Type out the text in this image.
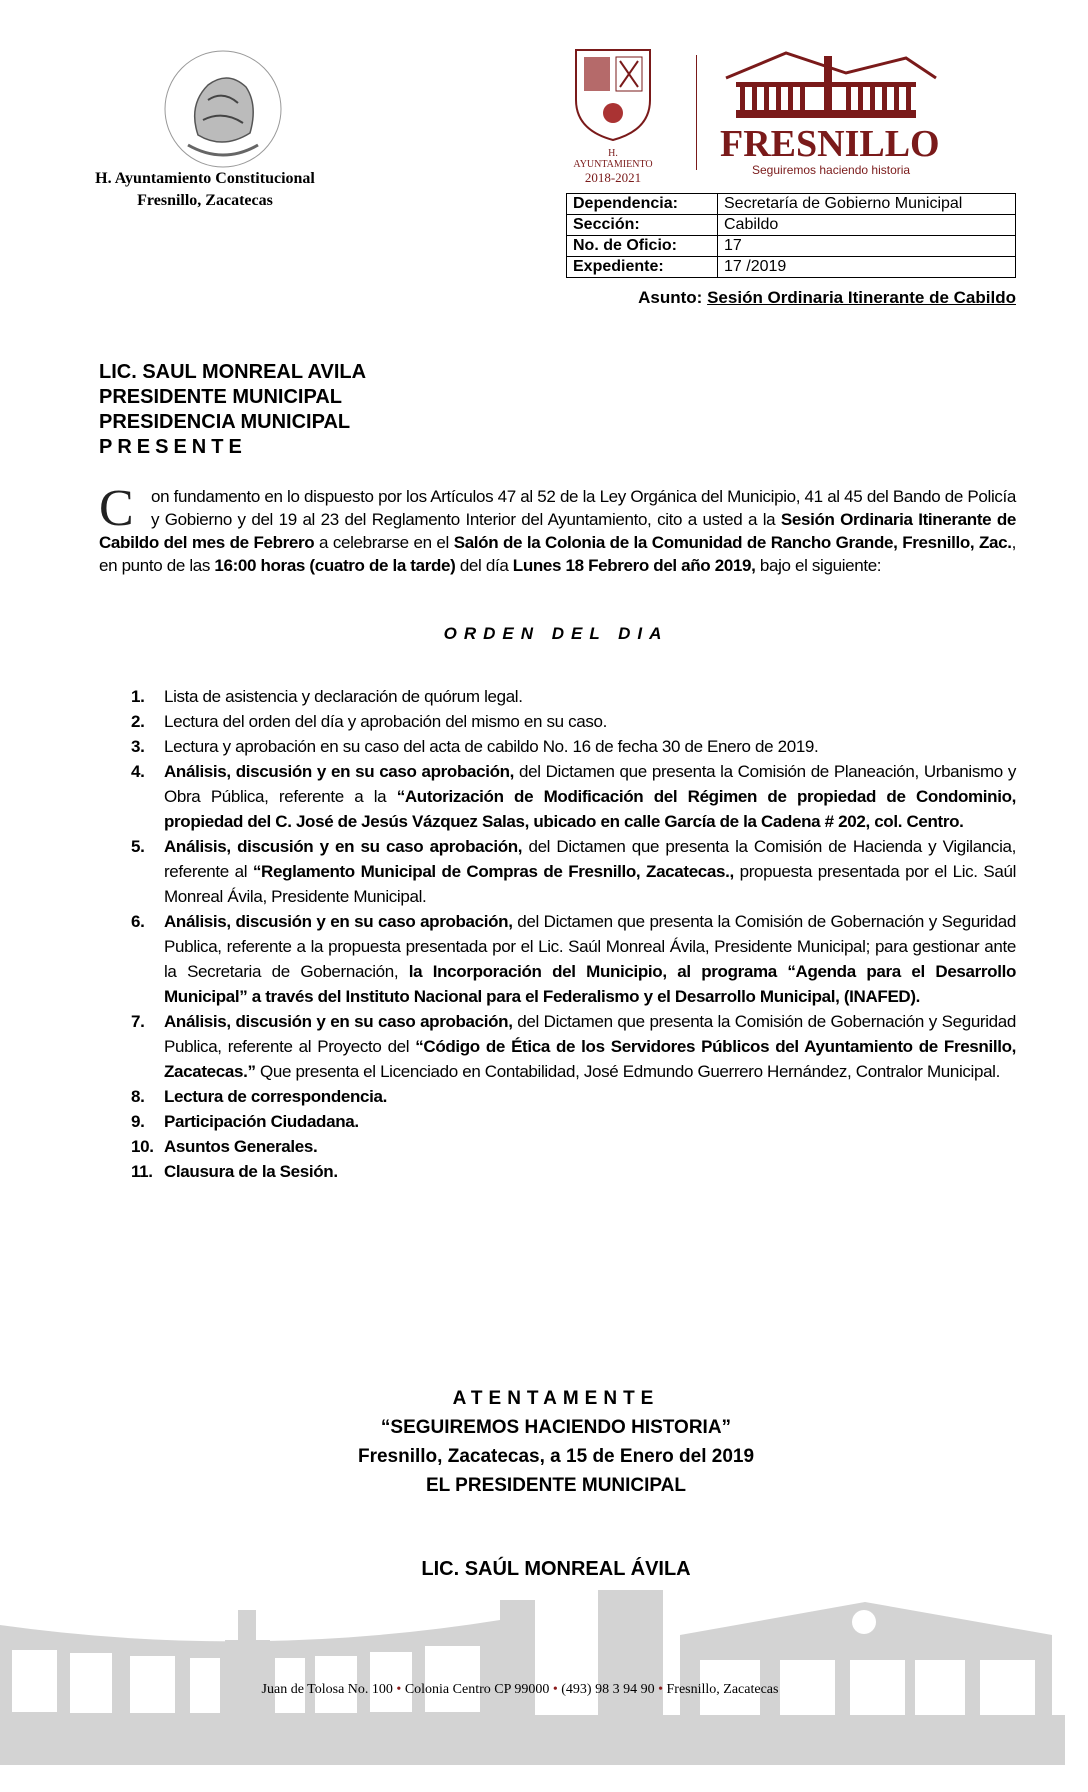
H. Ayuntamiento Constitucional
Fresnillo, Zacatecas
H. AYUNTAMIENTO
2018-2021
FRESNILLO
Seguiremos haciendo historia
Dependencia:	Secretaría de Gobierno Municipal
Sección:	Cabildo
No. de Oficio:	17
Expediente:	17 /2019
Asunto: Sesión Ordinaria Itinerante de Cabildo
LIC. SAUL MONREAL AVILA
PRESIDENTE MUNICIPAL
PRESIDENCIA MUNICIPAL
PRESENTE
C	on fundamento en lo dispuesto por los Artículos 47 al 52 de la Ley Orgánica del Municipio, 41 al 45 del Bando de Policía y Gobierno y del 19 al 23 del Reglamento Interior del Ayuntamiento, cito a usted a la Sesión Ordinaria Itinerante de Cabildo del mes de Febrero a celebrarse en el Salón de la Colonia de la Comunidad de Rancho Grande, Fresnillo, Zac., en punto de las 16:00 horas (cuatro de la tarde) del día Lunes 18 Febrero del año 2019, bajo el siguiente:
ORDEN DEL DIA
1. Lista de asistencia y declaración de quórum legal.
2. Lectura del orden del día y aprobación del mismo en su caso.
3. Lectura y aprobación en su caso del acta de cabildo No. 16 de fecha 30 de Enero de 2019.
4. Análisis, discusión y en su caso aprobación, del Dictamen que presenta la Comisión de Planeación, Urbanismo y Obra Pública, referente a la “Autorización de Modificación del Régimen de propiedad de Condominio, propiedad del C. José de Jesús Vázquez Salas, ubicado en calle García de la Cadena # 202, col. Centro.
5. Análisis, discusión y en su caso aprobación, del Dictamen que presenta la Comisión de Hacienda y Vigilancia, referente al “Reglamento Municipal de Compras de Fresnillo, Zacatecas., propuesta presentada por el Lic. Saúl Monreal Ávila, Presidente Municipal.
6. Análisis, discusión y en su caso aprobación, del Dictamen que presenta la Comisión de Gobernación y Seguridad Publica, referente a la propuesta presentada por el Lic. Saúl Monreal Ávila, Presidente Municipal; para gestionar ante la Secretaria de Gobernación, la Incorporación del Municipio, al programa “Agenda para el Desarrollo Municipal” a través del Instituto Nacional para el Federalismo y el Desarrollo Municipal, (INAFED).
7. Análisis, discusión y en su caso aprobación, del Dictamen que presenta la Comisión de Gobernación y Seguridad Publica, referente al Proyecto del “Código de Ética de los Servidores Públicos del Ayuntamiento de Fresnillo, Zacatecas.” Que presenta el Licenciado en Contabilidad, José Edmundo Guerrero Hernández, Contralor Municipal.
8. Lectura de correspondencia.
9. Participación Ciudadana.
10. Asuntos Generales.
11. Clausura de la Sesión.
ATENTAMENTE
“SEGUIREMOS HACIENDO HISTORIA”
Fresnillo, Zacatecas, a 15 de Enero del 2019
EL PRESIDENTE MUNICIPAL
LIC. SAÚL MONREAL ÁVILA
Juan de Tolosa No. 100 • Colonia Centro CP 99000 • (493) 98 3 94 90 • Fresnillo, Zacatecas
